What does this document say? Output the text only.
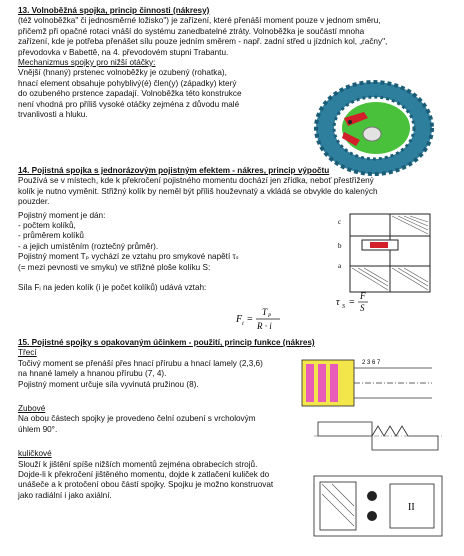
13. Volnoběžná spojka, princip činnosti (nákresy)
(též volnoběžka" či jednosměrné ložisko") je zařízení, které přenáší moment pouze v jednom směru,
přičemž při opačné rotaci vnáší do systému zanedbatelné ztráty. Volnoběžka je součástí mnoha
zařízení, kde je potřeba přenášet sílu pouze jedním směrem - např. zadní střed u jízdních kol, „račny",
převodovka v Babettě, na 4. převodovém stupni Trabantu.
Mechanizmus spojky pro nižší otáčky:
Vnější (hnaný) prstenec volnoběžky je ozubený (rohatka),
hnací element obsahuje pohyblivý(é) člen(y) (západky) který
do ozubeného prstence zapadají. Volnoběžka této konstrukce
není vhodná pro příliš vysoké otáčky zejména z důvodu malé
trvanlivosti a hluku.
14. Pojistná spojka s jednorázovým pojistným efektem - nákres, princip výpočtu
Používá se v místech, kde k překročení pojistného momentu dochází jen zřídka, neboť přestřižený
kolík je nutno vyměnit. Střižný kolík by neměl být příliš houževnatý a vkládá se obvykle do kalených
pouzder.
Pojistný moment je dán:
- počtem kolíků,
- průměrem kolíků
- a jejich umístěním (roztečný průměr).
Pojistný moment Tₚ vychází ze vztahu pro smykové napětí τₛ
(= mezi pevnosti ve smyku) ve střižné ploše kolíku S:
Síla Fᵢ na jeden kolík (i je počet kolíků) udává vztah:
c
b
a
τ S =
F
S
F i =
T P
R · i
15. Pojistné spojky s opakovaným účinkem - použití, princip funkce (nákres)
Třecí
Točivý moment se přenáší přes hnací přírubu a hnací lamely (2,3,6)
na hnané lamely a hnanou přírubu (7, 4).
Pojistný moment určuje síla vyvinutá pružinou (8).
Zubové
Na obou částech spojky je provedeno čelní ozubení s vrcholovým
úhlem 90°.
kuličkové
Slouží k jištění spíše nižších momentů zejména obrabecích strojů.
Dojde-li k překročení jištěného momentu, dojde k zatlačení kuliček do
unášeče a k protočení obou částí spojky. Spojku je možno konstruovat
jako radiální i jako axiální.
2 3 6 7
II
